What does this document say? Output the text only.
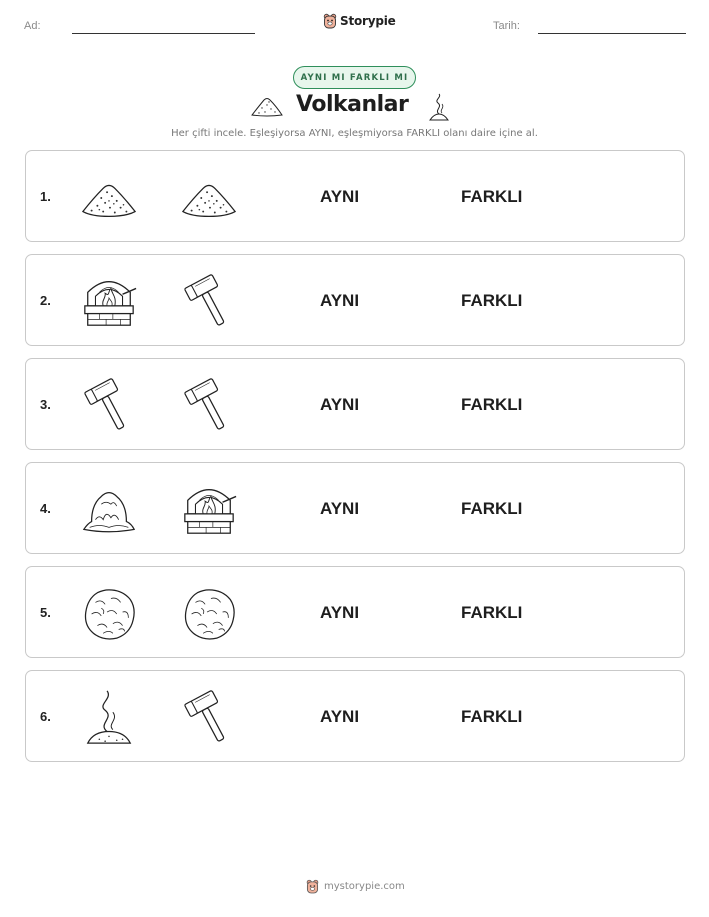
Ad:	Storypie	Tarih:
AYNI MI FARKLI MI
Volkanlar
Her çifti incele. Eşleşiyorsa AYNI, eşleşmiyorsa FARKLI olanı daire içine al.
1.	AYNI	FARKLI
2.	AYNI	FARKLI
3.	AYNI	FARKLI
4.	AYNI	FARKLI
5.	AYNI	FARKLI
6.	AYNI	FARKLI
mystorypie.com
